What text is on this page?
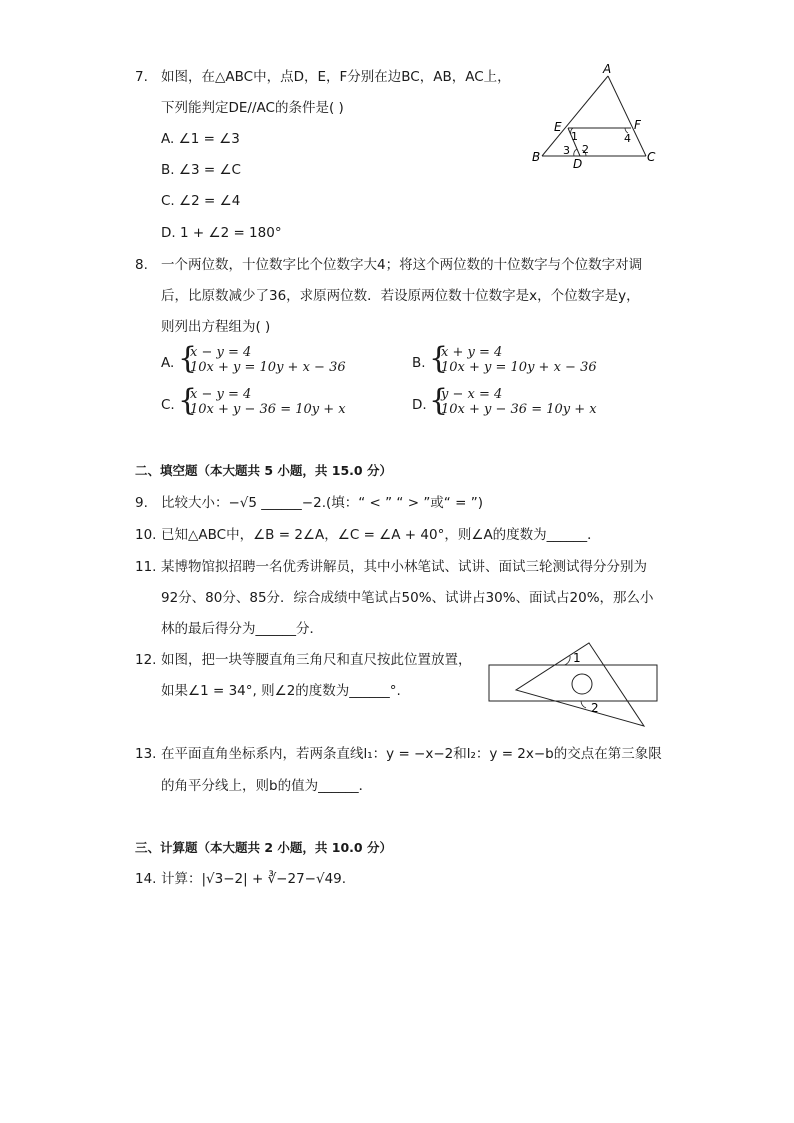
7. 如图，在△ABC中，点D，E，F分别在边BC，AB，AC上，
下列能判定DE//AC的条件是( )
A. ∠1 = ∠3
B. ∠3 = ∠C
C. ∠2 = ∠4
D. 1 + ∠2 = 180°
A
E	F
B	C
D
1
2
3
4
8. 一个两位数，十位数字比个位数字大4；将这个两位数的十位数字与个位数字对调
后，比原数减少了36，求原两位数．若设原两位数十位数字是x，个位数字是y，
则列出方程组为( )
A. {
x − y = 4
10x + y = 10y + x − 36	B. {
x + y = 4
10x + y = 10y + x − 36
C. {
x − y = 4
10x + y − 36 = 10y + x	D. {
y − x = 4
10x + y − 36 = 10y + x
二、填空题（本大题共 5 小题，共 15.0 分）
9. 比较大小：−√5 ______−2.(填：“ < ” “ > ”或“ = ”)
10. 已知△ABC中，∠B = 2∠A，∠C = ∠A + 40°，则∠A的度数为______．
11. 某博物馆拟招聘一名优秀讲解员，其中小林笔试、试讲、面试三轮测试得分分别为
92分、80分、85分．综合成绩中笔试占50%、试讲占30%、面试占20%，那么小
林的最后得分为______分．
12. 如图，把一块等腰直角三角尺和直尺按此位置放置，
如果∠1 = 34°, 则∠2的度数为______°.
1
2
13. 在平面直角坐标系内，若两条直线l₁：y = −x−2和l₂：y = 2x−b的交点在第三象限
的角平分线上，则b的值为______．
三、计算题（本大题共 2 小题，共 10.0 分）
14. 计算：|√3−2| + ∛−27−√49.
